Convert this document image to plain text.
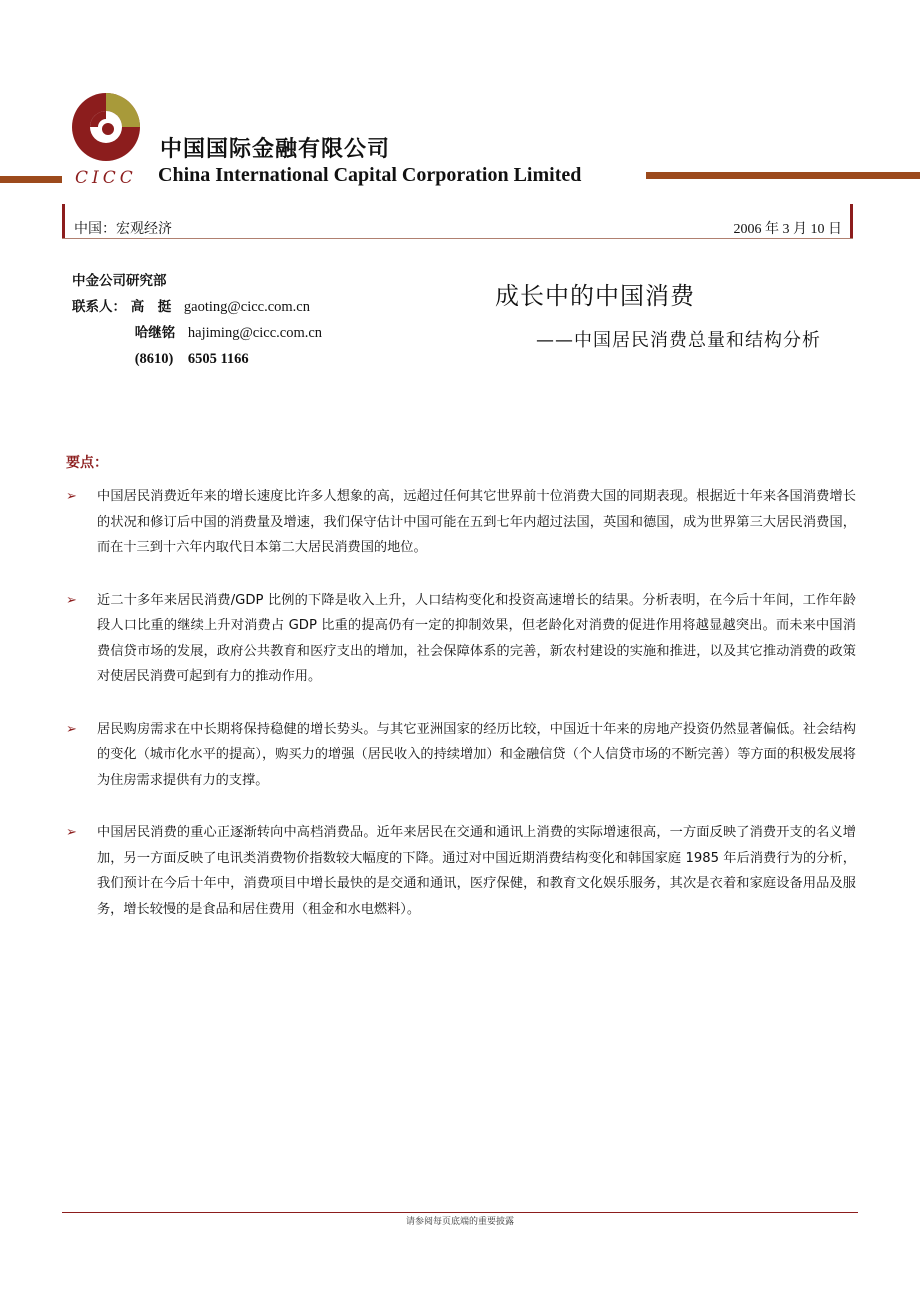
CICC
中国国际金融有限公司
China International Capital Corporation Limited
中国：宏观经济	2006 年 3 月 10 日
中金公司研究部
联系人： 高　挺 gaoting@cicc.com.cn
哈继铭 hajiming@cicc.com.cn
(8610)　6505 1166
成长中的中国消费
——中国居民消费总量和结构分析
要点：
➢ 中国居民消费近年来的增长速度比许多人想象的高，远超过任何其它世界前十位消费大国的同期表现。根据近十年来各国消费增长的状况和修订后中国的消费量及增速，我们保守估计中国可能在五到七年内超过法国，英国和德国，成为世界第三大居民消费国，而在十三到十六年内取代日本第二大居民消费国的地位。
➢ 近二十多年来居民消费/GDP 比例的下降是收入上升，人口结构变化和投资高速增长的结果。分析表明，在今后十年间，工作年龄段人口比重的继续上升对消费占 GDP 比重的提高仍有一定的抑制效果，但老龄化对消费的促进作用将越显越突出。而未来中国消费信贷市场的发展，政府公共教育和医疗支出的增加，社会保障体系的完善，新农村建设的实施和推进，以及其它推动消费的政策对使居民消费可起到有力的推动作用。
➢ 居民购房需求在中长期将保持稳健的增长势头。与其它亚洲国家的经历比较，中国近十年来的房地产投资仍然显著偏低。社会结构的变化（城市化水平的提高），购买力的增强（居民收入的持续增加）和金融信贷（个人信贷市场的不断完善）等方面的积极发展将为住房需求提供有力的支撑。
➢ 中国居民消费的重心正逐渐转向中高档消费品。近年来居民在交通和通讯上消费的实际增速很高，一方面反映了消费开支的名义增加，另一方面反映了电讯类消费物价指数较大幅度的下降。通过对中国近期消费结构变化和韩国家庭 1985 年后消费行为的分析，我们预计在今后十年中，消费项目中增长最快的是交通和通讯，医疗保健，和教育文化娱乐服务，其次是衣着和家庭设备用品及服务，增长较慢的是食品和居住费用（租金和水电燃料）。
请参阅每页底端的重要披露
